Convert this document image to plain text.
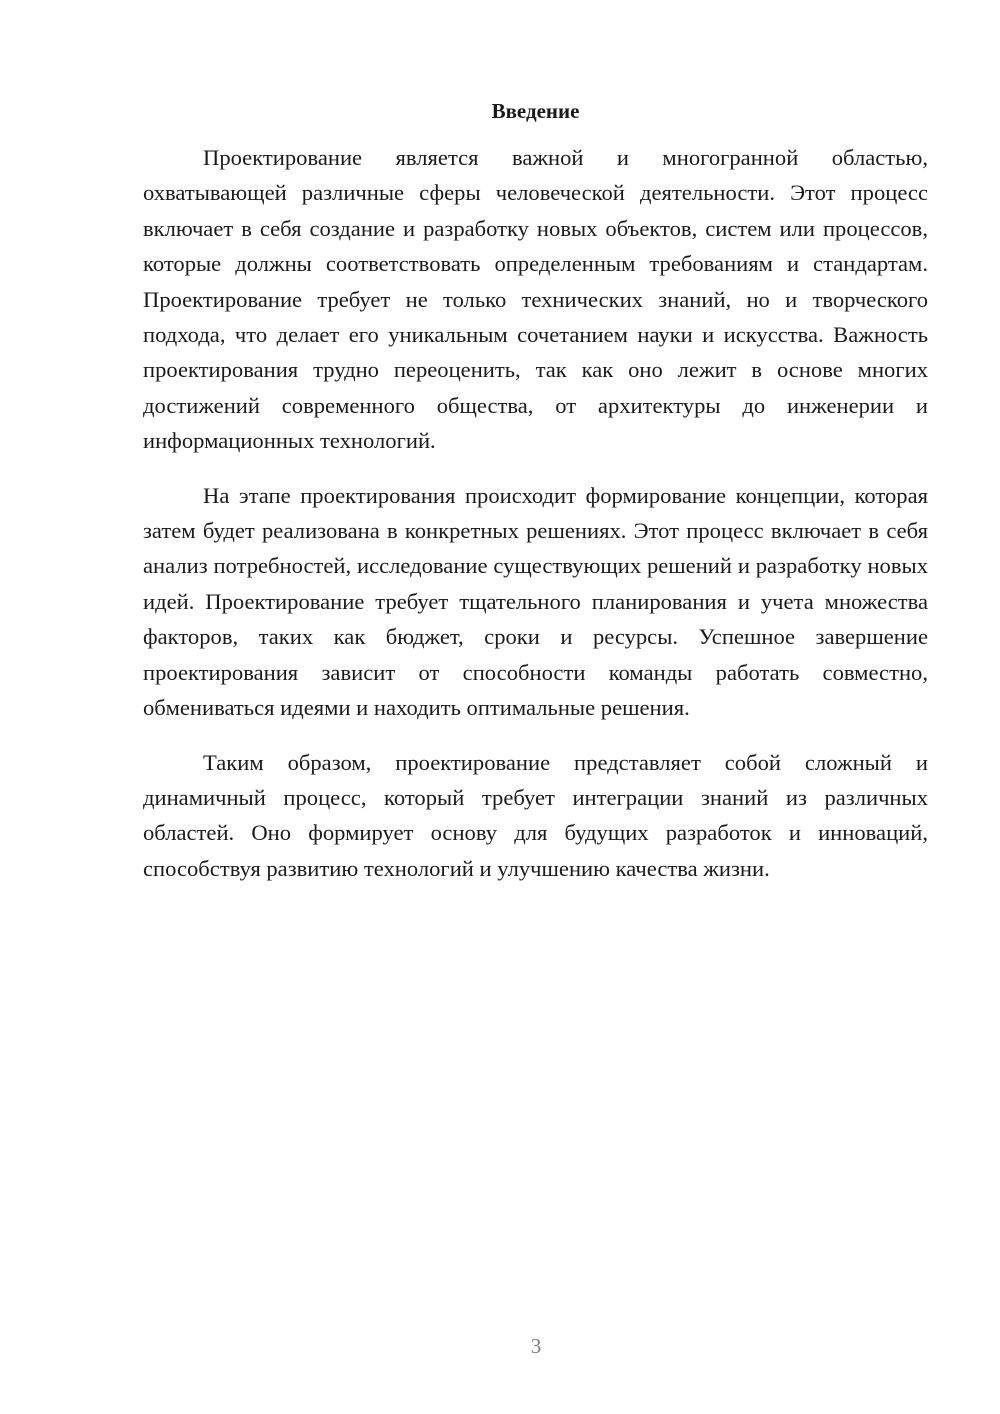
Введение

Проектирование является важной и многогранной областью, охватывающей различные сферы человеческой деятельности. Этот процесс включает в себя создание и разработку новых объектов, систем или процессов, которые должны соответствовать определенным требованиям и стандартам. Проектирование требует не только технических знаний, но и творческого подхода, что делает его уникальным сочетанием науки и искусства. Важность проектирования трудно переоценить, так как оно лежит в основе многих достижений современного общества, от архитектуры до инженерии и информационных технологий.

На этапе проектирования происходит формирование концепции, которая затем будет реализована в конкретных решениях. Этот процесс включает в себя анализ потребностей, исследование существующих решений и разработку новых идей. Проектирование требует тщательного планирования и учета множества факторов, таких как бюджет, сроки и ресурсы. Успешное завершение проектирования зависит от способности команды работать совместно, обмениваться идеями и находить оптимальные решения.

Таким образом, проектирование представляет собой сложный и динамичный процесс, который требует интеграции знаний из различных областей. Оно формирует основу для будущих разработок и инноваций, способствуя развитию технологий и улучшению качества жизни.

3
